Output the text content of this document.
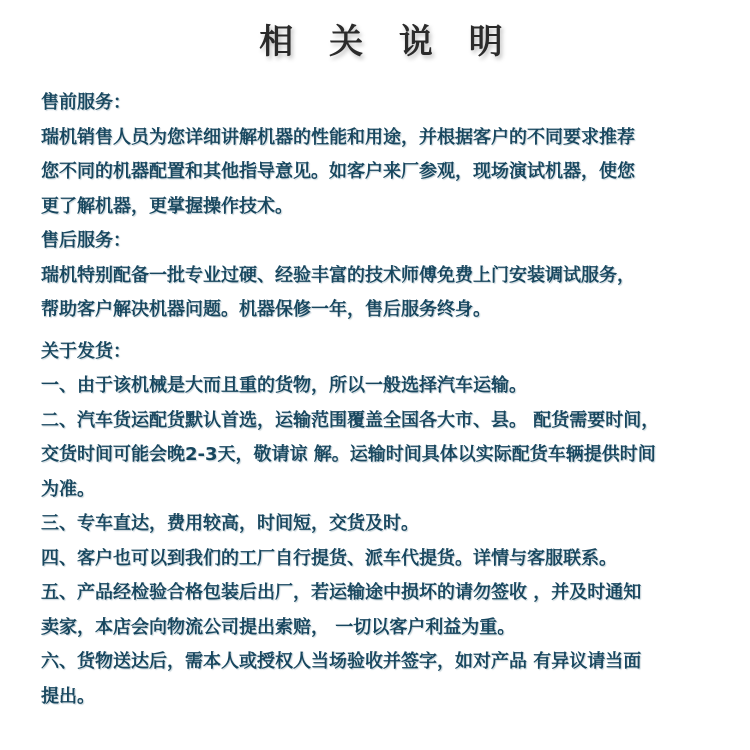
相 关 说 明
售前服务：
瑞机销售人员为您详细讲解机器的性能和用途，并根据客户的不同要求推荐
您不同的机器配置和其他指导意见。如客户来厂参观，现场演试机器，使您
更了解机器，更掌握操作技术。
售后服务：
瑞机特别配备一批专业过硬、经验丰富的技术师傅免费上门安装调试服务，
帮助客户解决机器问题。机器保修一年，售后服务终身。
关于发货：
一、由于该机械是大而且重的货物，所以一般选择汽车运输。
二、汽车货运配货默认首选，运输范围覆盖全国各大市、县。 配货需要时间，
交货时间可能会晚2-3天，敬请谅 解。运输时间具体以实际配货车辆提供时间
为准。
三、专车直达，费用较高，时间短，交货及时。
四、客户也可以到我们的工厂自行提货、派车代提货。详情与客服联系。
五、产品经检验合格包装后出厂，若运输途中损坏的请勿签收 ，并及时通知
卖家，本店会向物流公司提出索赔， 一切以客户利益为重。
六、货物送达后，需本人或授权人当场验收并签字，如对产品 有异议请当面
提出。
